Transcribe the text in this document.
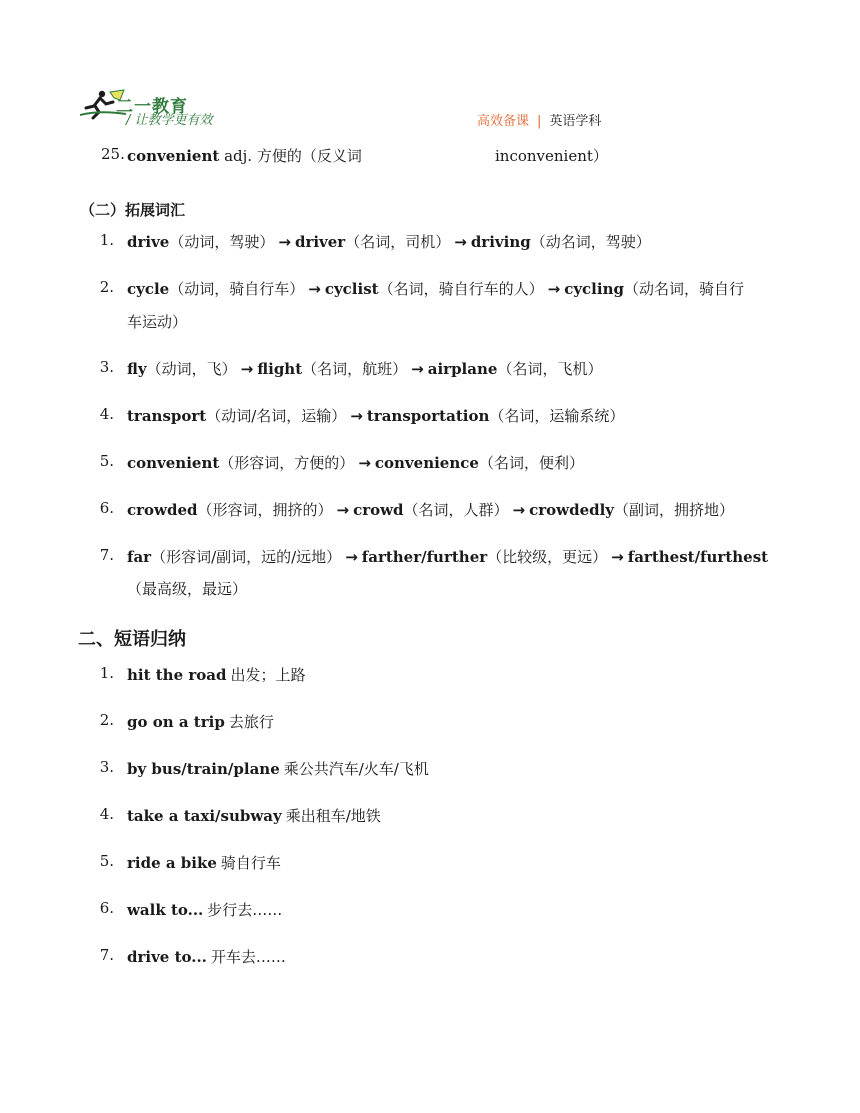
二一教育
/ 让教学更有效	高效备课 | 英语学科
25. convenient adj. 方便的（反义词	inconvenient）
（二）拓展词汇
1. drive（动词，驾驶） → driver（名词，司机） → driving（动名词，驾驶）
2. cycle（动词，骑自行车） → cyclist（名词，骑自行车的人） → cycling（动名词，骑自行
车运动）
3. fly（动词，飞） → flight（名词，航班） → airplane（名词，飞机）
4. transport（动词/名词，运输） → transportation（名词，运输系统）
5. convenient（形容词，方便的） → convenience（名词，便利）
6. crowded（形容词，拥挤的） → crowd（名词，人群） → crowdedly（副词，拥挤地）
7. far（形容词/副词，远的/远地） → farther/further（比较级，更远） → farthest/furthest
（最高级，最远）
二、短语归纳
1. hit the road 出发；上路
2. go on a trip 去旅行
3. by bus/train/plane 乘公共汽车/火车/飞机
4. take a taxi/subway 乘出租车/地铁
5. ride a bike 骑自行车
6. walk to... 步行去……
7. drive to... 开车去……
